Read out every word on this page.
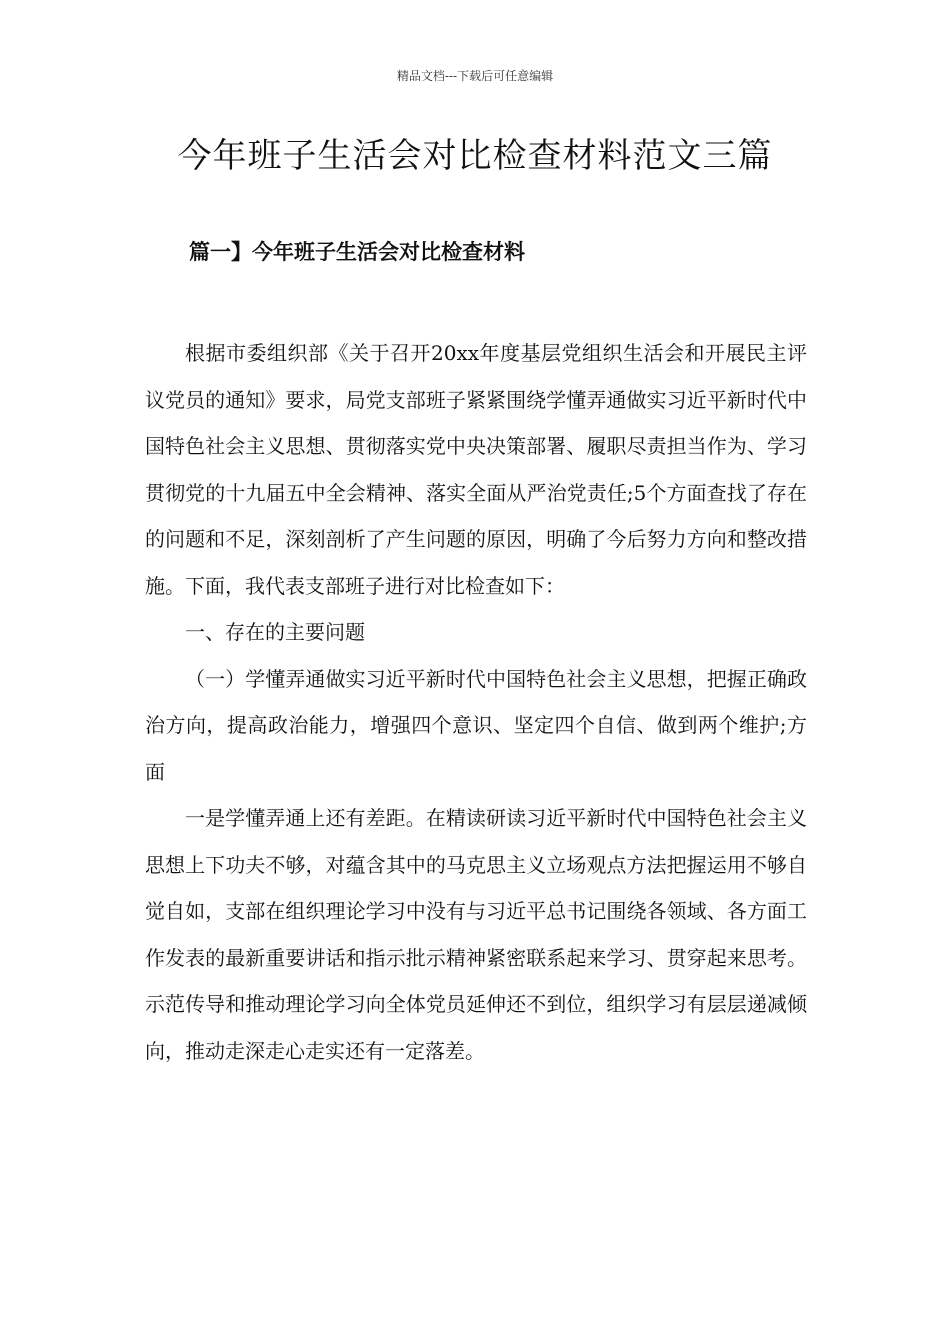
精品文档---下载后可任意编辑
今年班子生活会对比检查材料范文三篇
篇一】今年班子生活会对比检查材料

根据市委组织部《关于召开20xx年度基层党组织生活会和开展民主评议党员的通知》要求，局党支部班子紧紧围绕学懂弄通做实习近平新时代中国特色社会主义思想、贯彻落实党中央决策部署、履职尽责担当作为、学习贯彻党的十九届五中全会精神、落实全面从严治党责任;5个方面查找了存在的问题和不足，深刻剖析了产生问题的原因，明确了今后努力方向和整改措施。下面，我代表支部班子进行对比检查如下：

一、存在的主要问题

（一）学懂弄通做实习近平新时代中国特色社会主义思想，把握正确政治方向，提高政治能力，增强四个意识、坚定四个自信、做到两个维护;方面

一是学懂弄通上还有差距。在精读研读习近平新时代中国特色社会主义思想上下功夫不够，对蕴含其中的马克思主义立场观点方法把握运用不够自觉自如，支部在组织理论学习中没有与习近平总书记围绕各领域、各方面工作发表的最新重要讲话和指示批示精神紧密联系起来学习、贯穿起来思考。示范传导和推动理论学习向全体党员延伸还不到位，组织学习有层层递减倾向，推动走深走心走实还有一定落差。
